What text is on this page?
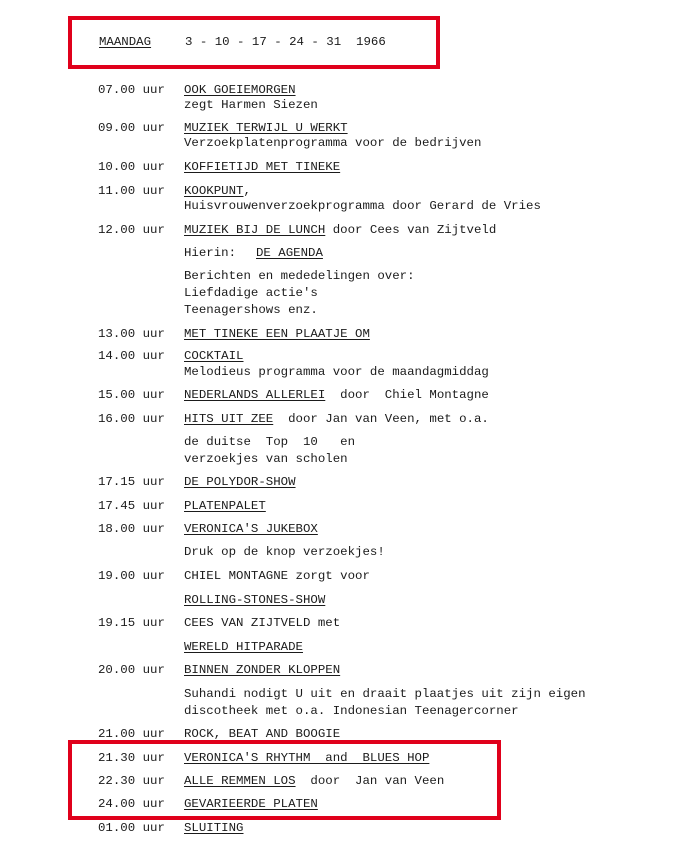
MAANDAG	3 - 10 - 17 - 24 - 31  1966
07.00 uur OOK GOEIEMORGEN
zegt Harmen Siezen
09.00 uur MUZIEK TERWIJL U WERKT
Verzoekplatenprogramma voor de bedrijven
10.00 uur KOFFIETIJD MET TINEKE
11.00 uur KOOKPUNT,
Huisvrouwenverzoekprogramma door Gerard de Vries
12.00 uur MUZIEK BIJ DE LUNCH door Cees van Zijtveld
13.00 uur MET TINEKE EEN PLAATJE OM
14.00 uur COCKTAIL
Melodieus programma voor de maandagmiddag
15.00 uur NEDERLANDS ALLERLEI  door  Chiel Montagne
16.00 uur HITS UIT ZEE  door Jan van Veen, met o.a.
17.15 uur DE POLYDOR-SHOW
17.45 uur PLATENPALET
18.00 uur VERONICA'S JUKEBOX
19.00 uur CHIEL MONTAGNE zorgt voor
19.15 uur CEES VAN ZIJTVELD met
20.00 uur BINNEN ZONDER KLOPPEN
21.00 uur ROCK, BEAT AND BOOGIE
21.30 uur VERONICA'S RHYTHM  and  BLUES HOP
22.30 uur ALLE REMMEN LOS  door  Jan van Veen
24.00 uur GEVARIEERDE PLATEN
01.00 uur SLUITING
Hierin: DE AGENDA
Berichten en mededelingen over:
Liefdadige actie's
Teenagershows enz.
de duitse  Top  10   en
verzoekjes van scholen
Druk op de knop verzoekjes!
ROLLING-STONES-SHOW
WERELD HITPARADE
Suhandi nodigt U uit en draait plaatjes uit zijn eigen
discotheek met o.a. Indonesian Teenagercorner
